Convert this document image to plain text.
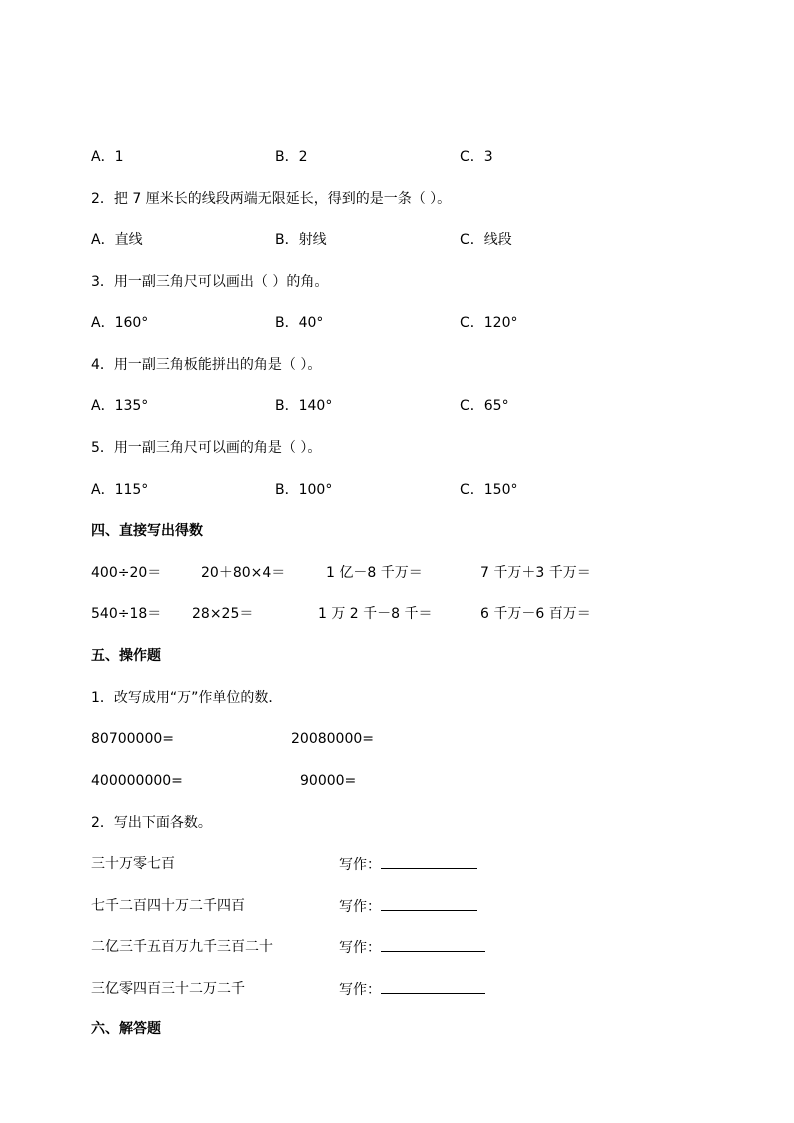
A．1	B．2	C．3
2．把 7 厘米长的线段两端无限延长，得到的是一条（ ）。
A．直线	B．射线	C．线段
3．用一副三角尺可以画出（ ）的角。
A．160°	B．40°	C．120°
4．用一副三角板能拼出的角是（ ）。
A．135°	B．140°	C．65°
5．用一副三角尺可以画的角是（ ）。
A．115°	B．100°	C．150°
四、直接写出得数
400÷20＝	20＋80×4＝	1 亿－8 千万＝	7 千万＋3 千万＝
540÷18＝ 28×25＝	1 万 2 千－8 千＝	6 千万－6 百万＝
五、操作题
1．改写成用“万”作单位的数．
80700000=	20080000=
400000000=	90000=
2．写出下面各数。
三十万零七百	写作：
七千二百四十万二千四百	写作：
二亿三千五百万九千三百二十	写作：
三亿零四百三十二万二千	写作：
六、解答题
